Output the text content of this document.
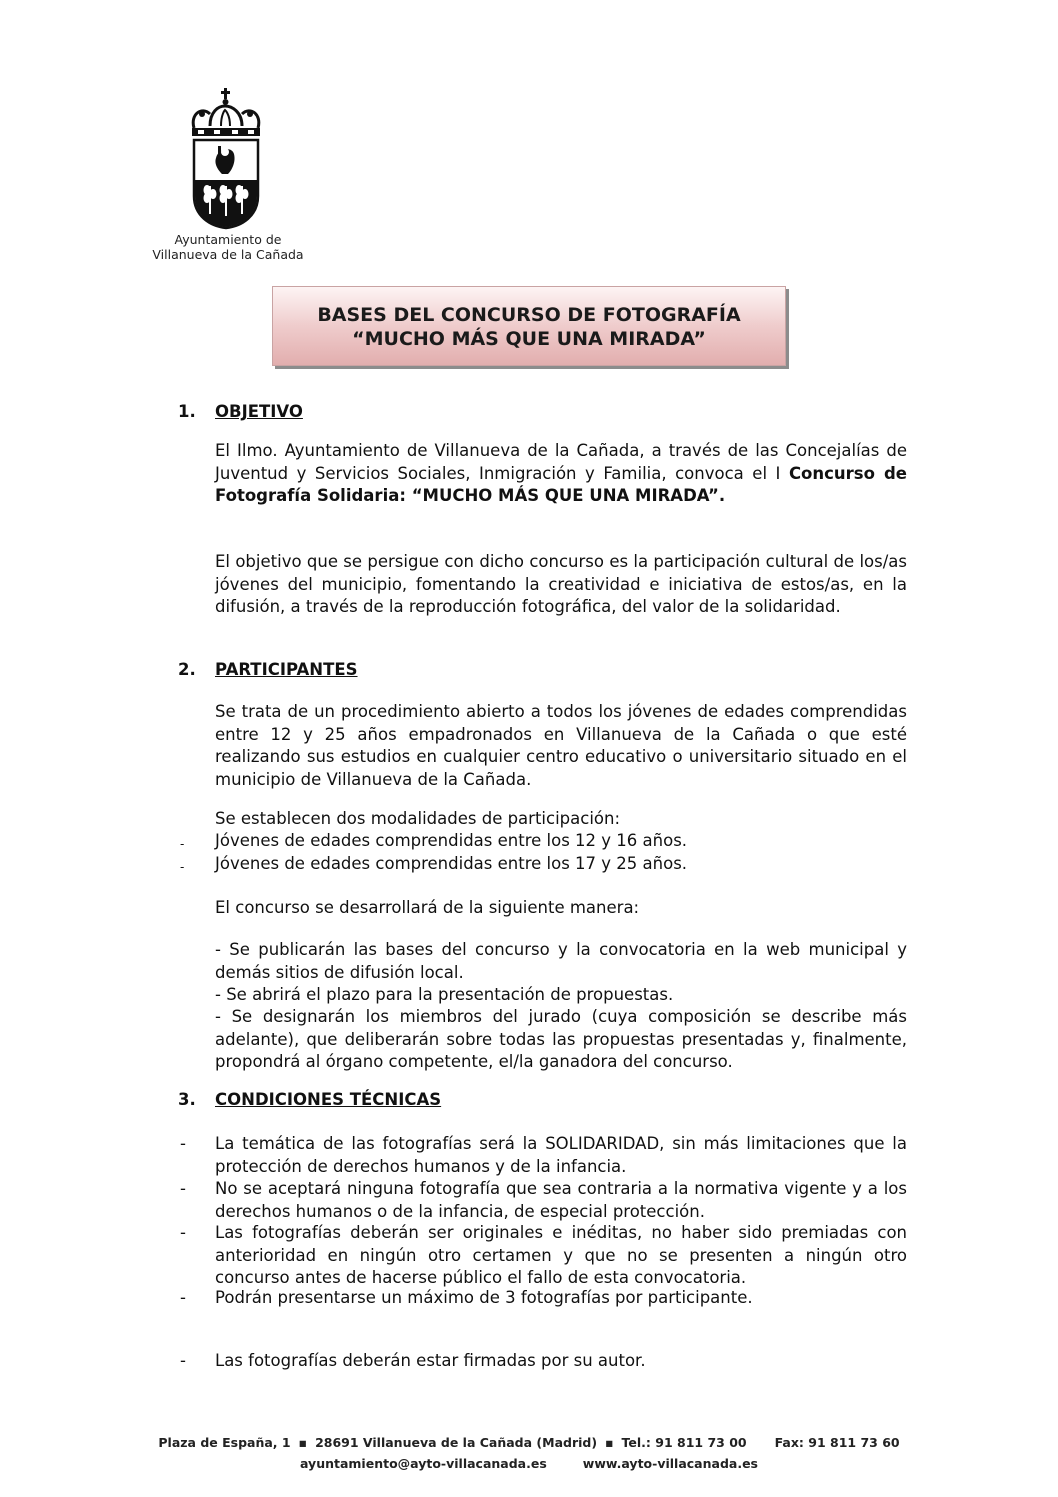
Ayuntamiento de
Villanueva de la Cañada
BASES DEL CONCURSO DE FOTOGRAFÍA
“MUCHO MÁS QUE UNA MIRADA”
1. OBJETIVO
El Ilmo. Ayuntamiento de Villanueva de la Cañada, a través de las Concejalías de Juventud y Servicios Sociales, Inmigración y Familia, convoca el I Concurso de Fotografía Solidaria: “MUCHO MÁS QUE UNA MIRADA”.
El objetivo que se persigue con dicho concurso es la participación cultural de los/as jóvenes del municipio, fomentando la creatividad e iniciativa de estos/as, en la difusión, a través de la reproducción fotográfica, del valor de la solidaridad.
2. PARTICIPANTES
Se trata de un procedimiento abierto a todos los jóvenes de edades comprendidas entre 12 y 25 años empadronados en Villanueva de la Cañada o que esté realizando sus estudios en cualquier centro educativo o universitario situado en el municipio de Villanueva de la Cañada.
Se establecen dos modalidades de participación:
- Jóvenes de edades comprendidas entre los 12 y 16 años.
- Jóvenes de edades comprendidas entre los 17 y 25 años.
El concurso se desarrollará de la siguiente manera:
- Se publicarán las bases del concurso y la convocatoria en la web municipal y demás sitios de difusión local.
- Se abrirá el plazo para la presentación de propuestas.
- Se designarán los miembros del jurado (cuya composición se describe más adelante), que deliberarán sobre todas las propuestas presentadas y, finalmente, propondrá al órgano competente, el/la ganadora del concurso.
3. CONDICIONES TÉCNICAS
- La temática de las fotografías será la SOLIDARIDAD, sin más limitaciones que la protección de derechos humanos y de la infancia.
- No se aceptará ninguna fotografía que sea contraria a la normativa vigente y a los derechos humanos o de la infancia, de especial protección.
- Las fotografías deberán ser originales e inéditas, no haber sido premiadas con anterioridad en ningún otro certamen y que no se presenten a ningún otro concurso antes de hacerse público el fallo de esta convocatoria.
- Podrán presentarse un máximo de 3 fotografías por participante.
- Las fotografías deberán estar firmadas por su autor.
Plaza de España, 1 ▪ 28691 Villanueva de la Cañada (Madrid) ▪ Tel.: 91 811 73 00 Fax: 91 811 73 60
ayuntamiento@ayto-villacanada.es	www.ayto-villacanada.es
